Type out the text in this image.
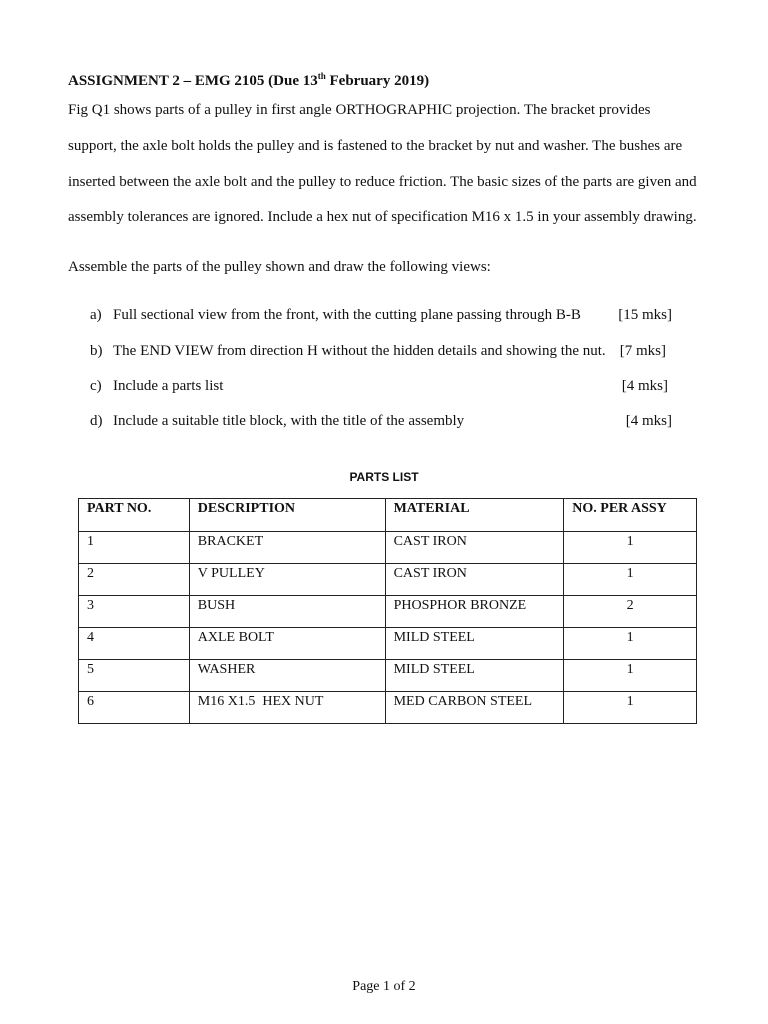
ASSIGNMENT 2 – EMG 2105 (Due 13th February 2019)
Fig Q1 shows parts of a pulley in first angle ORTHOGRAPHIC projection. The bracket provides
support, the axle bolt holds the pulley and is fastened to the bracket by nut and washer. The bushes are
inserted between the axle bolt and the pulley to reduce friction. The basic sizes of the parts are given and
assembly tolerances are ignored. Include a hex nut of specification M16 x 1.5 in your assembly drawing.
Assemble the parts of the pulley shown and draw the following views:
a) Full sectional view from the front, with the cutting plane passing through B-B [15 mks]
b) The END VIEW from direction H without the hidden details and showing the nut. [7 mks]
c) Include a parts list	[4 mks]
d) Include a suitable title block, with the title of the assembly	[4 mks]
PARTS LIST
PART NO.	DESCRIPTION	MATERIAL	NO. PER ASSY
1	BRACKET	CAST IRON	1
2	V PULLEY	CAST IRON	1
3	BUSH	PHOSPHOR BRONZE	2
4	AXLE BOLT	MILD STEEL	1
5	WASHER	MILD STEEL	1
6	M16 X1.5  HEX NUT	MED CARBON STEEL	1
Page 1 of 2
